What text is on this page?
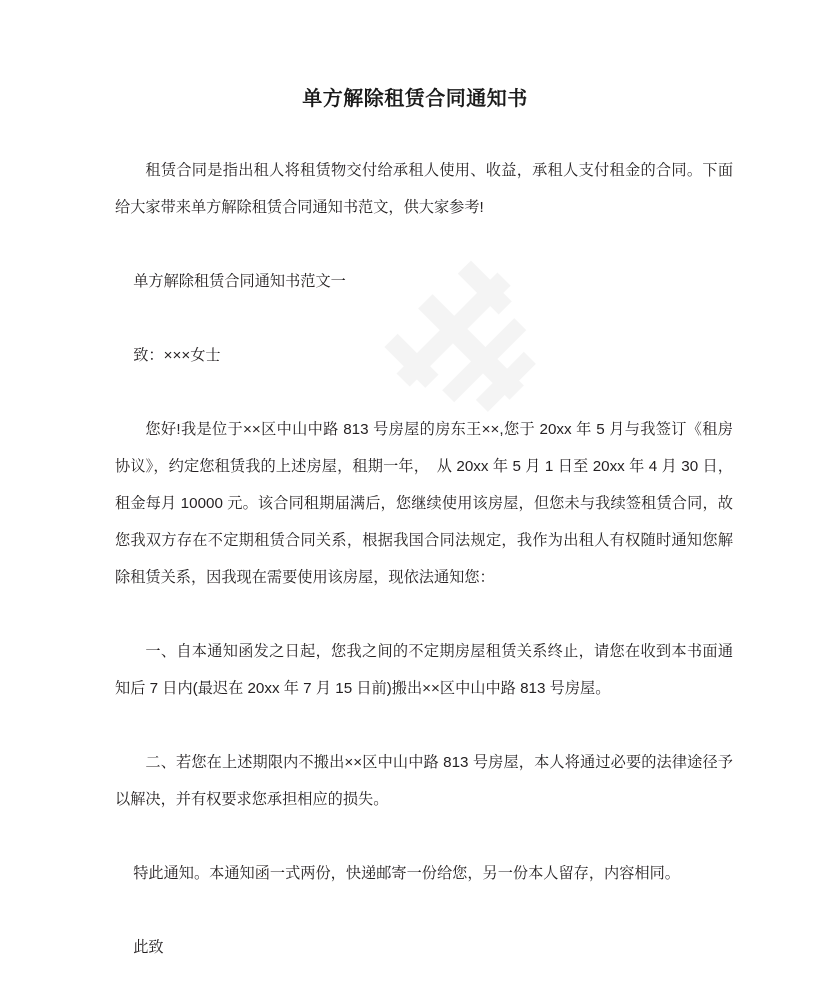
单方解除租赁合同通知书

租赁合同是指出租人将租赁物交付给承租人使用、收益，承租人支付租金的合同。下面给大家带来单方解除租赁合同通知书范文，供大家参考!

单方解除租赁合同通知书范文一

致：×××女士

您好!我是位于××区中山中路 813 号房屋的房东王××,您于 20xx 年 5 月与我签订《租房协议》，约定您租赁我的上述房屋，租期一年，　从 20xx 年 5 月 1 日至 20xx 年 4 月 30 日，租金每月 10000 元。该合同租期届满后，您继续使用该房屋，但您未与我续签租赁合同，故您我双方存在不定期租赁合同关系，根据我国合同法规定，我作为出租人有权随时通知您解除租赁关系，因我现在需要使用该房屋，现依法通知您：

一、自本通知函发之日起，您我之间的不定期房屋租赁关系终止，请您在收到本书面通知后 7 日内(最迟在 20xx 年 7 月 15 日前)搬出××区中山中路 813 号房屋。

二、若您在上述期限内不搬出××区中山中路 813 号房屋，本人将通过必要的法律途径予以解决，并有权要求您承担相应的损失。

特此通知。本通知函一式两份，快递邮寄一份给您，另一份本人留存，内容相同。

此致
